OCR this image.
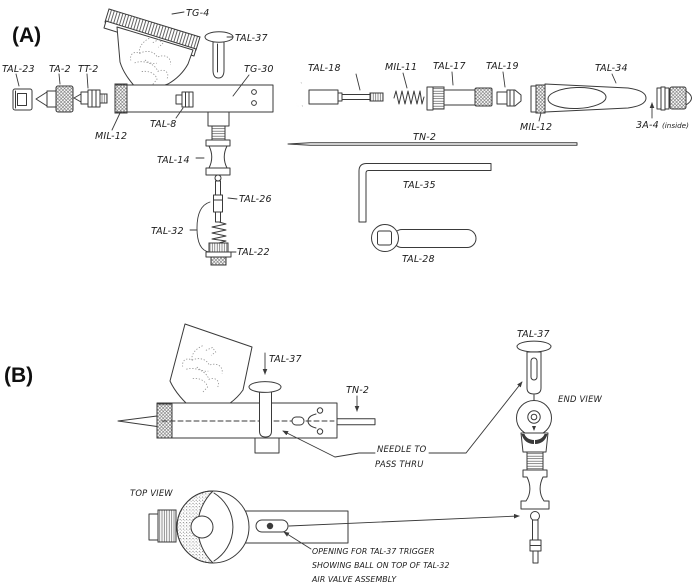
(A)
TG-4
TAL-37
TAL-23 TA-2 TT-2	TG-30
MIL-12
TAL-8
TAL-14
TAL-26
TAL-32
TAL-22
TAL-18	MIL-11 TAL-17 TAL-19	TAL-34
MIL-12	3A-4 (inside)
TN-2
TAL-35
TAL-28
(B)
TAL-37
TN-2
NEEDLE TO
PASS THRU
TAL-37
END VIEW
TOP VIEW
OPENING FOR TAL-37 TRIGGER
SHOWING BALL ON TOP OF TAL-32
AIR VALVE ASSEMBLY
